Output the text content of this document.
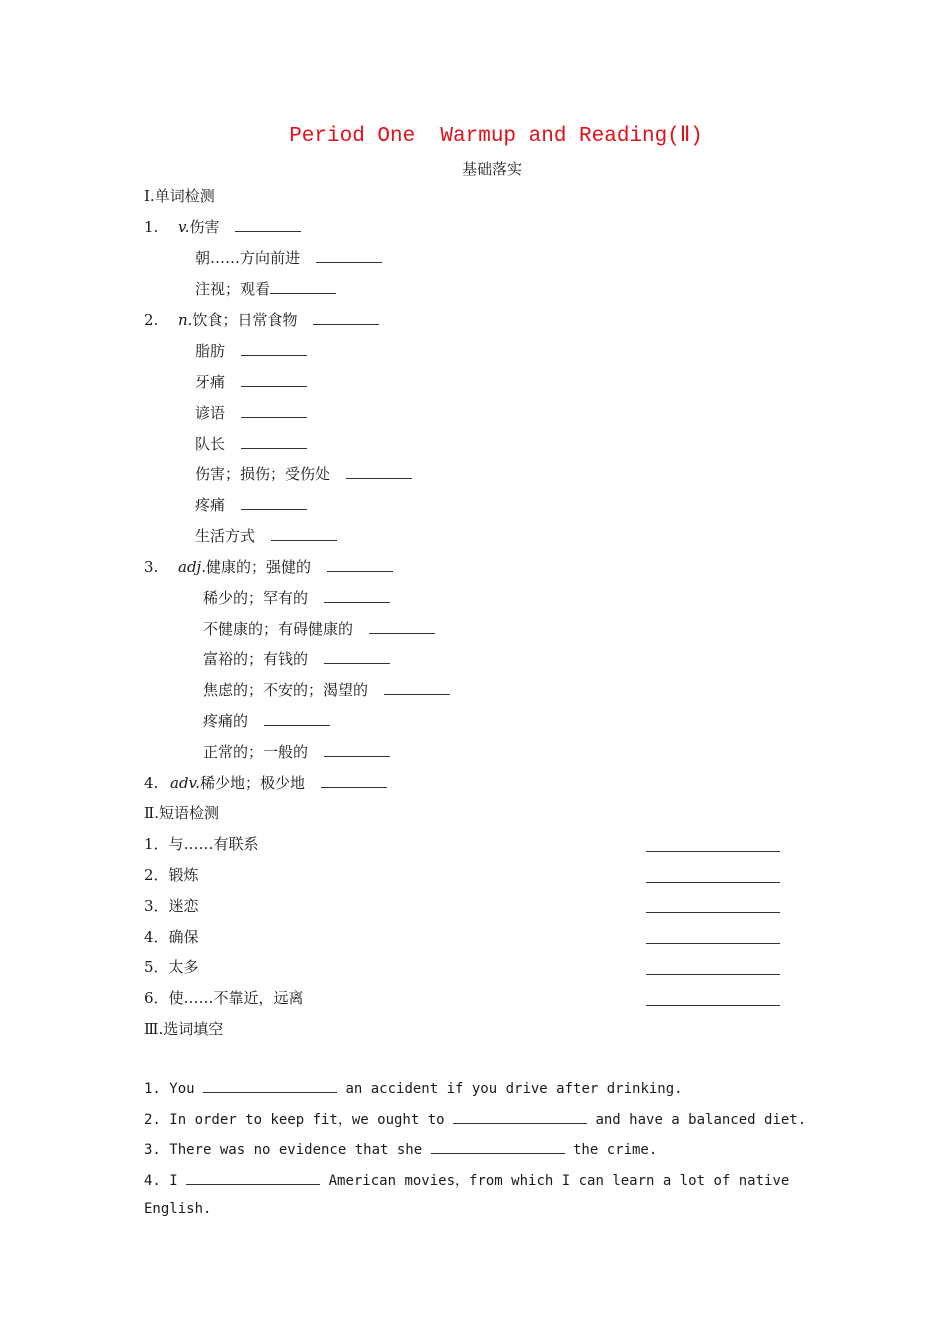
Period One  Warmup and Reading(Ⅱ)
基础落实
Ⅰ.单词检测
1. v.伤害
朝……方向前进
注视；观看
2. n.饮食；日常食物
脂肪
牙痛
谚语
队长
伤害；损伤；受伤处
疼痛
生活方式
3. adj.健康的；强健的
稀少的；罕有的
不健康的；有碍健康的
富裕的；有钱的
焦虑的；不安的；渴望的
疼痛的
正常的；一般的
4. adv.稀少地；极少地
Ⅱ.短语检测
1．与……有联系
2．锻炼
3．迷恋
4．确保
5．太多
6．使……不靠近，远离
Ⅲ.选词填空
1. You	an accident if you drive after drinking.
2. In order to keep fit，we ought to	and have a balanced diet.
3. There was no evidence that she	the crime.
4. I	American movies，from which I can learn a lot of native
English.
